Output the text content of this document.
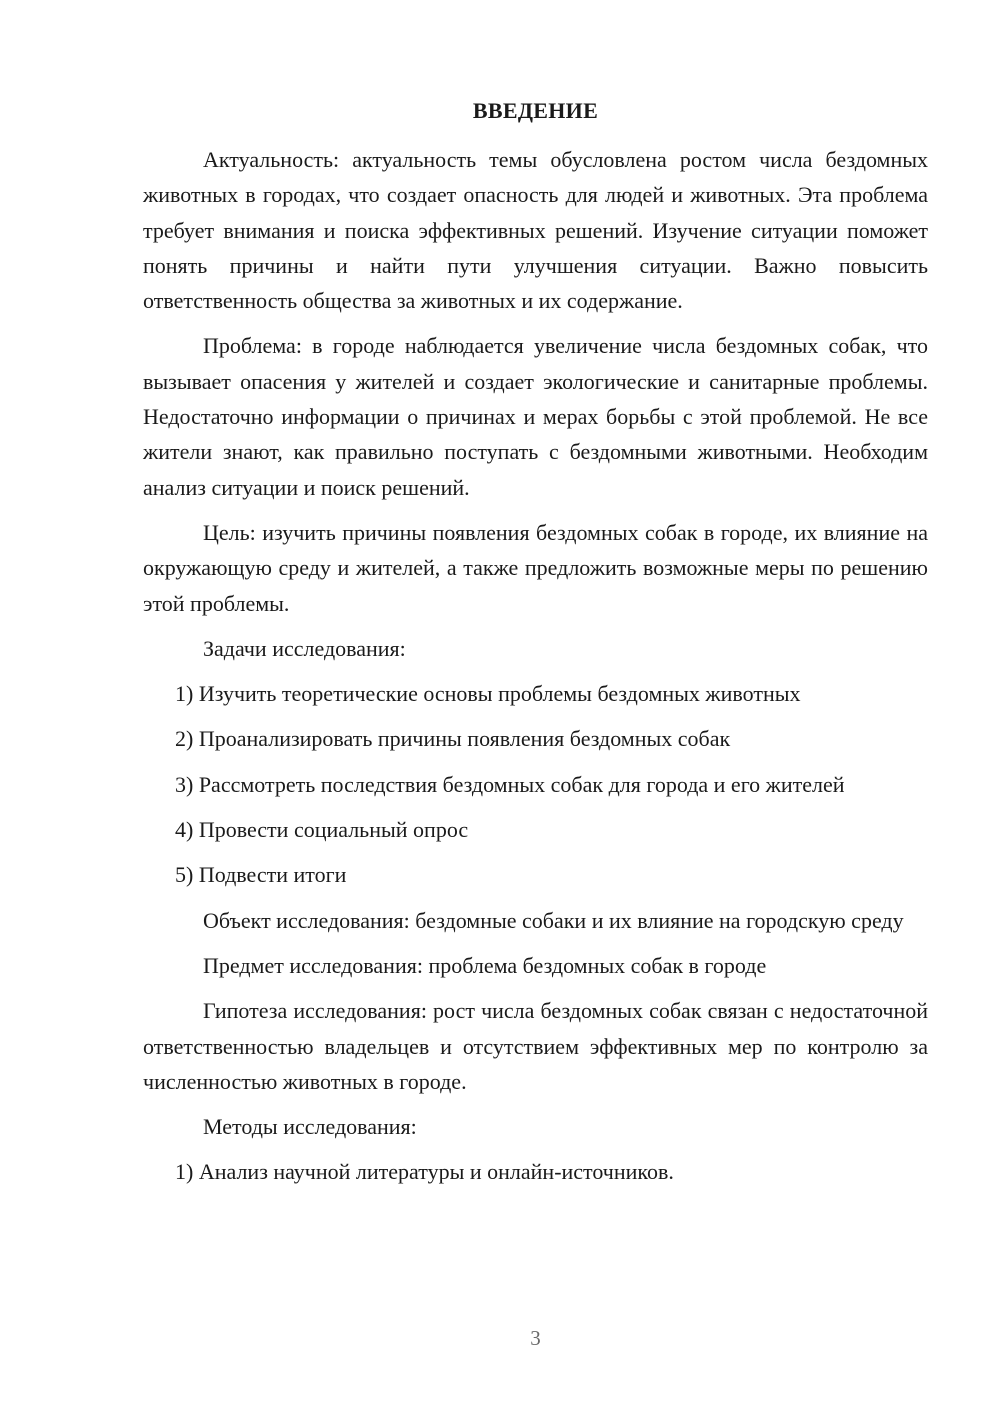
ВВЕДЕНИЕ

Актуальность: актуальность темы обусловлена ростом числа бездомных животных в городах, что создает опасность для людей и животных. Эта проблема требует внимания и поиска эффективных решений. Изучение ситуации поможет понять причины и найти пути улучшения ситуации. Важно повысить ответственность общества за животных и их содержание.

Проблема: в городе наблюдается увеличение числа бездомных собак, что вызывает опасения у жителей и создает экологические и санитарные проблемы. Недостаточно информации о причинах и мерах борьбы с этой проблемой. Не все жители знают, как правильно поступать с бездомными животными. Необходим анализ ситуации и поиск решений.

Цель: изучить причины появления бездомных собак в городе, их влияние на окружающую среду и жителей, а также предложить возможные меры по решению этой проблемы.

Задачи исследования:
1) Изучить теоретические основы проблемы бездомных животных
2) Проанализировать причины появления бездомных собак
3) Рассмотреть последствия бездомных собак для города и его жителей
4) Провести социальный опрос
5) Подвести итоги

Объект исследования: бездомные собаки и их влияние на городскую среду

Предмет исследования: проблема бездомных собак в городе

Гипотеза исследования: рост числа бездомных собак связан с недостаточной ответственностью владельцев и отсутствием эффективных мер по контролю за численностью животных в городе.

Методы исследования:
1) Анализ научной литературы и онлайн-источников.
3
